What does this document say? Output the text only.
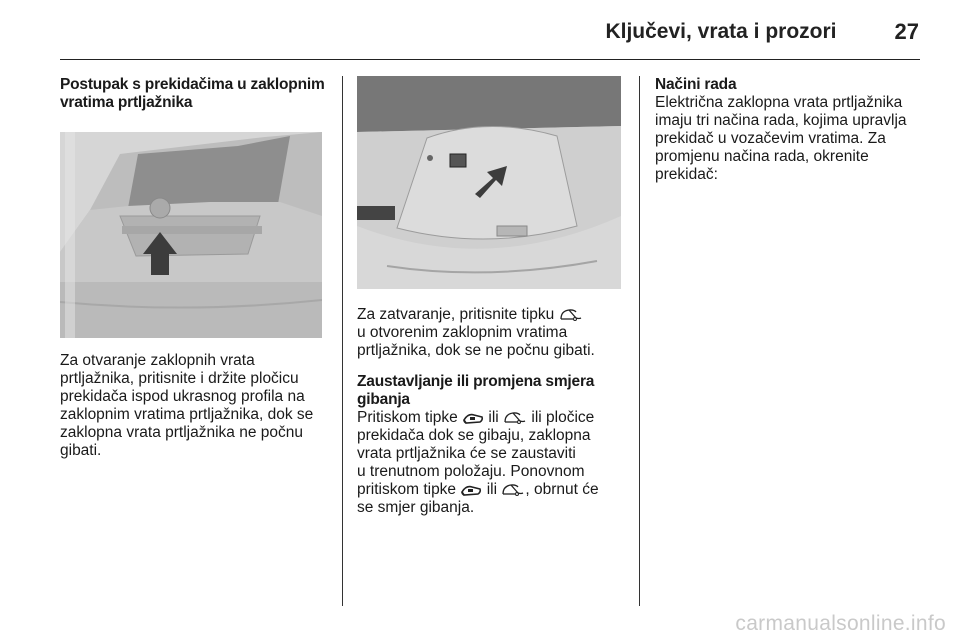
Ključevi, vrata i prozori	27
Postupak s prekidačima u zaklopnim
vratima prtljažnika
Za otvaranje zaklopnih vrata
prtljažnika, pritisnite i držite pločicu
prekidača ispod ukrasnog profila na
zaklopnim vratima prtljažnika, dok se
zaklopna vrata prtljažnika ne počnu
gibati.
Za zatvaranje, pritisnite tipku
u otvorenim zaklopnim vratima
prtljažnika, dok se ne počnu gibati.
Zaustavljanje ili promjena smjera
gibanja
Pritiskom tipke ili ili pločice
prekidača dok se gibaju, zaklopna
vrata prtljažnika će se zaustaviti
u trenutnom položaju. Ponovnom
pritiskom tipke ili , obrnut će
se smjer gibanja.
Načini rada
Električna zaklopna vrata prtljažnika
imaju tri načina rada, kojima upravlja
prekidač u vozačevim vratima. Za
promjenu načina rada, okrenite
prekidač:
carmanualsonline.info
